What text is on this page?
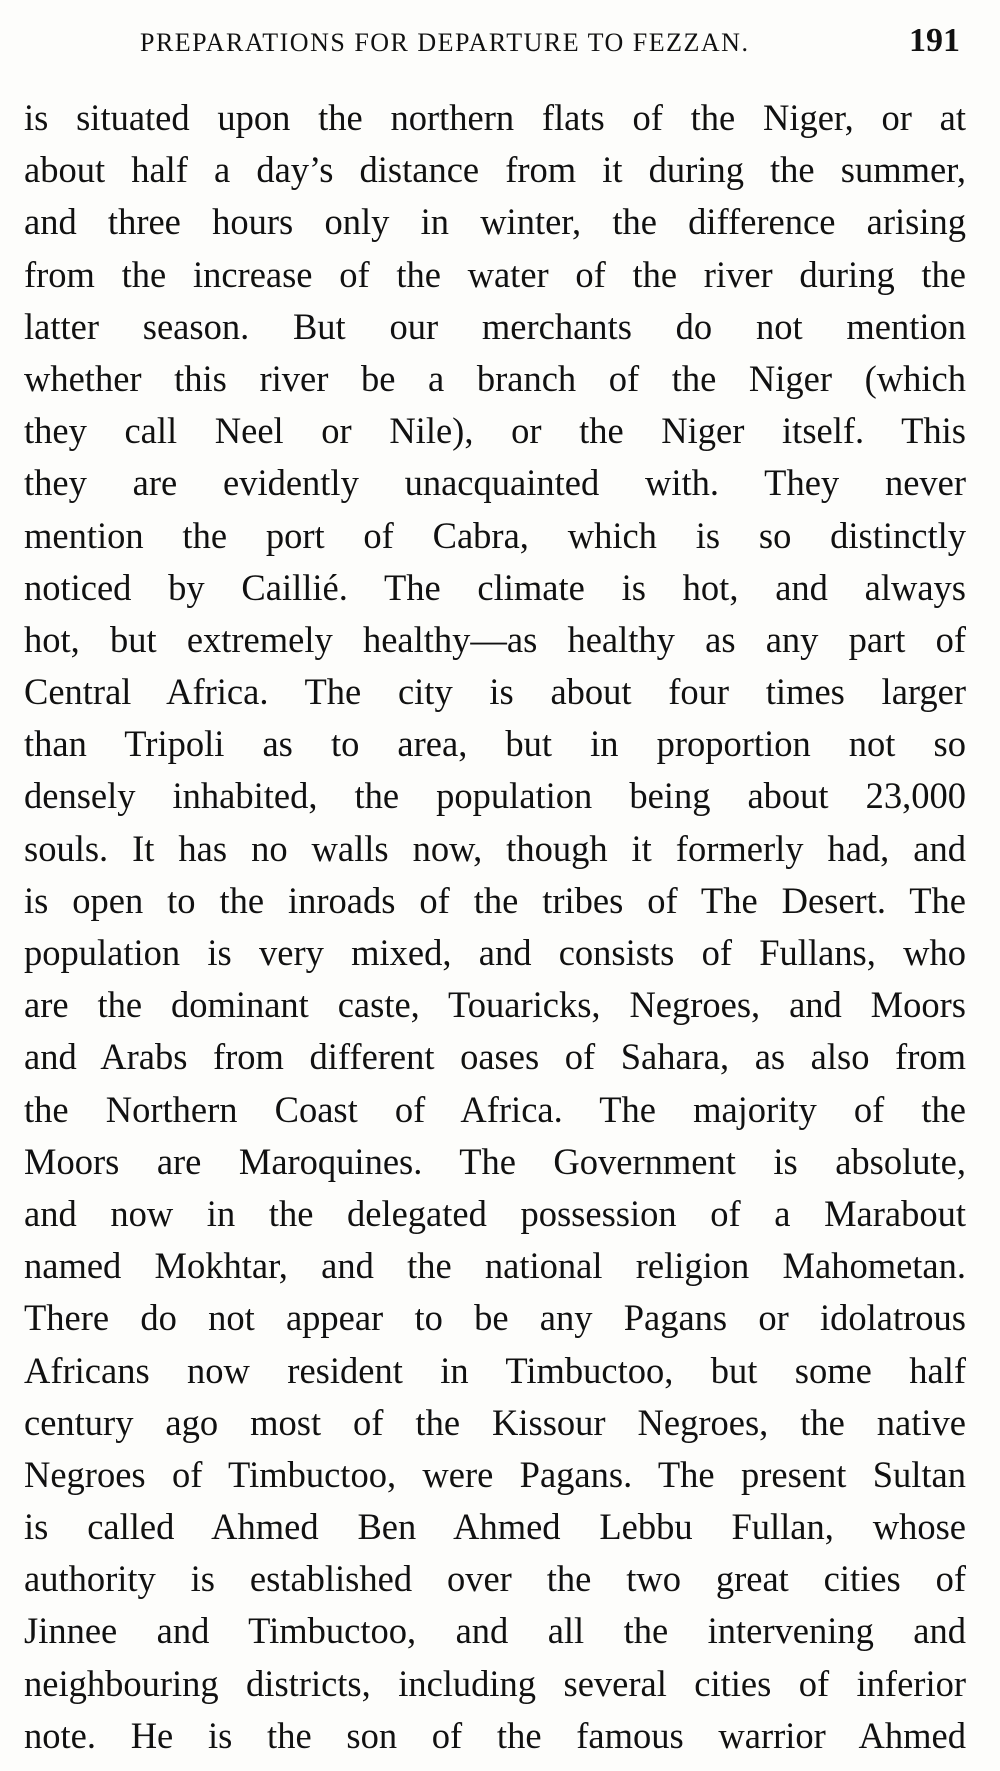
PREPARATIONS FOR DEPARTURE TO FEZZAN.	191
is situated upon the northern flats of the Niger, or at
about half a day’s distance from it during the summer,
and three hours only in winter, the difference arising
from the increase of the water of the river during the
latter season. But our merchants do not mention
whether this river be a branch of the Niger (which
they call Neel or Nile), or the Niger itself. This
they are evidently unacquainted with. They never
mention the port of Cabra, which is so distinctly
noticed by Caillié. The climate is hot, and always
hot, but extremely healthy—as healthy as any part of
Central Africa. The city is about four times larger
than Tripoli as to area, but in proportion not so
densely inhabited, the population being about 23,000
souls. It has no walls now, though it formerly had, and
is open to the inroads of the tribes of The Desert. The
population is very mixed, and consists of Fullans, who
are the dominant caste, Touaricks, Negroes, and Moors
and Arabs from different oases of Sahara, as also from
the Northern Coast of Africa. The majority of the
Moors are Maroquines. The Government is absolute,
and now in the delegated possession of a Marabout
named Mokhtar, and the national religion Mahometan.
There do not appear to be any Pagans or idolatrous
Africans now resident in Timbuctoo, but some half
century ago most of the Kissour Negroes, the native
Negroes of Timbuctoo, were Pagans. The present Sultan
is called Ahmed Ben Ahmed Lebbu Fullan, whose
authority is established over the two great cities of
Jinnee and Timbuctoo, and all the intervening and
neighbouring districts, including several cities of inferior
note. He is the son of the famous warrior Ahmed
